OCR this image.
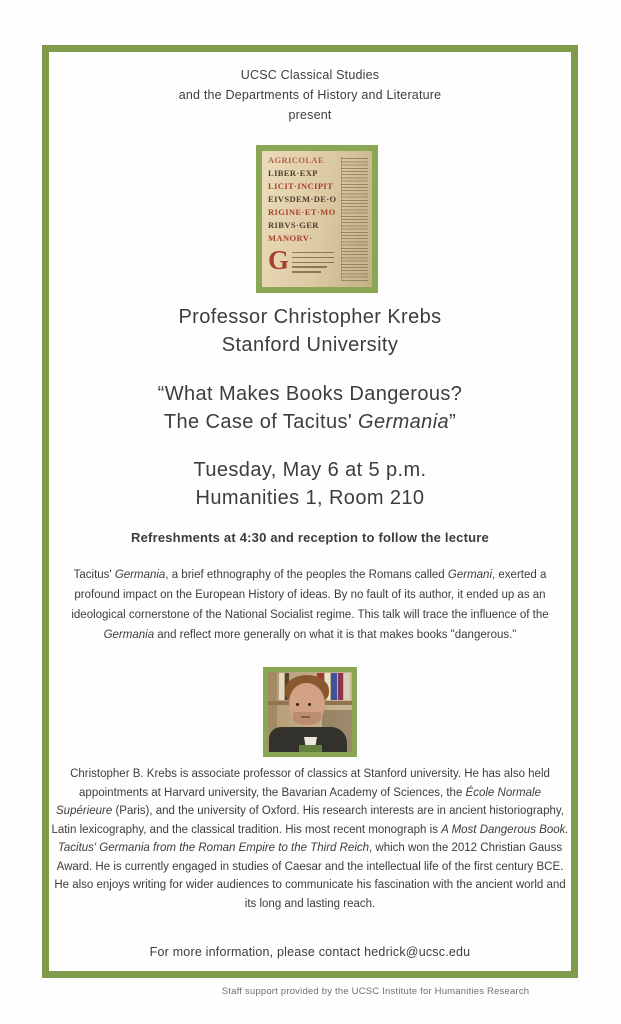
UCSC Classical Studies
and the Departments of History and Literature
present
AGRICOLAE
LIBER·EXP
LICIT·INCIPIT
EIVSDEM·DE·O
RIGINE·ET·MO
RIBVS·GER
MANORV·
G
Professor Christopher Krebs
Stanford University
“What Makes Books Dangerous?
The Case of Tacitus' Germania”
Tuesday, May 6 at 5 p.m.
Humanities 1, Room 210
Refreshments at 4:30 and reception to follow the lecture

Tacitus' Germania, a brief ethnography of the peoples the Romans called Germani, exerted a profound impact on the European History of ideas. By no fault of its author, it ended up as an ideological cornerstone of the National Socialist regime. This talk will trace the influence of the Germania and reflect more generally on what it is that makes books "dangerous."

Christopher B. Krebs is associate professor of classics at Stanford university. He has also held appointments at Harvard university, the Bavarian Academy of Sciences, the École Normale Supérieure (Paris), and the university of Oxford. His research interests are in ancient historiography, Latin lexicography, and the classical tradition. His most recent monograph is A Most Dangerous Book. Tacitus' Germania from the Roman Empire to the Third Reich, which won the 2012 Christian Gauss Award. He is currently engaged in studies of Caesar and the intellectual life of the first century BCE. He also enjoys writing for wider audiences to communicate his fascination with the ancient world and its long and lasting reach.

For more information, please contact hedrick@ucsc.edu
Staff support provided by the UCSC Institute for Humanities Research
